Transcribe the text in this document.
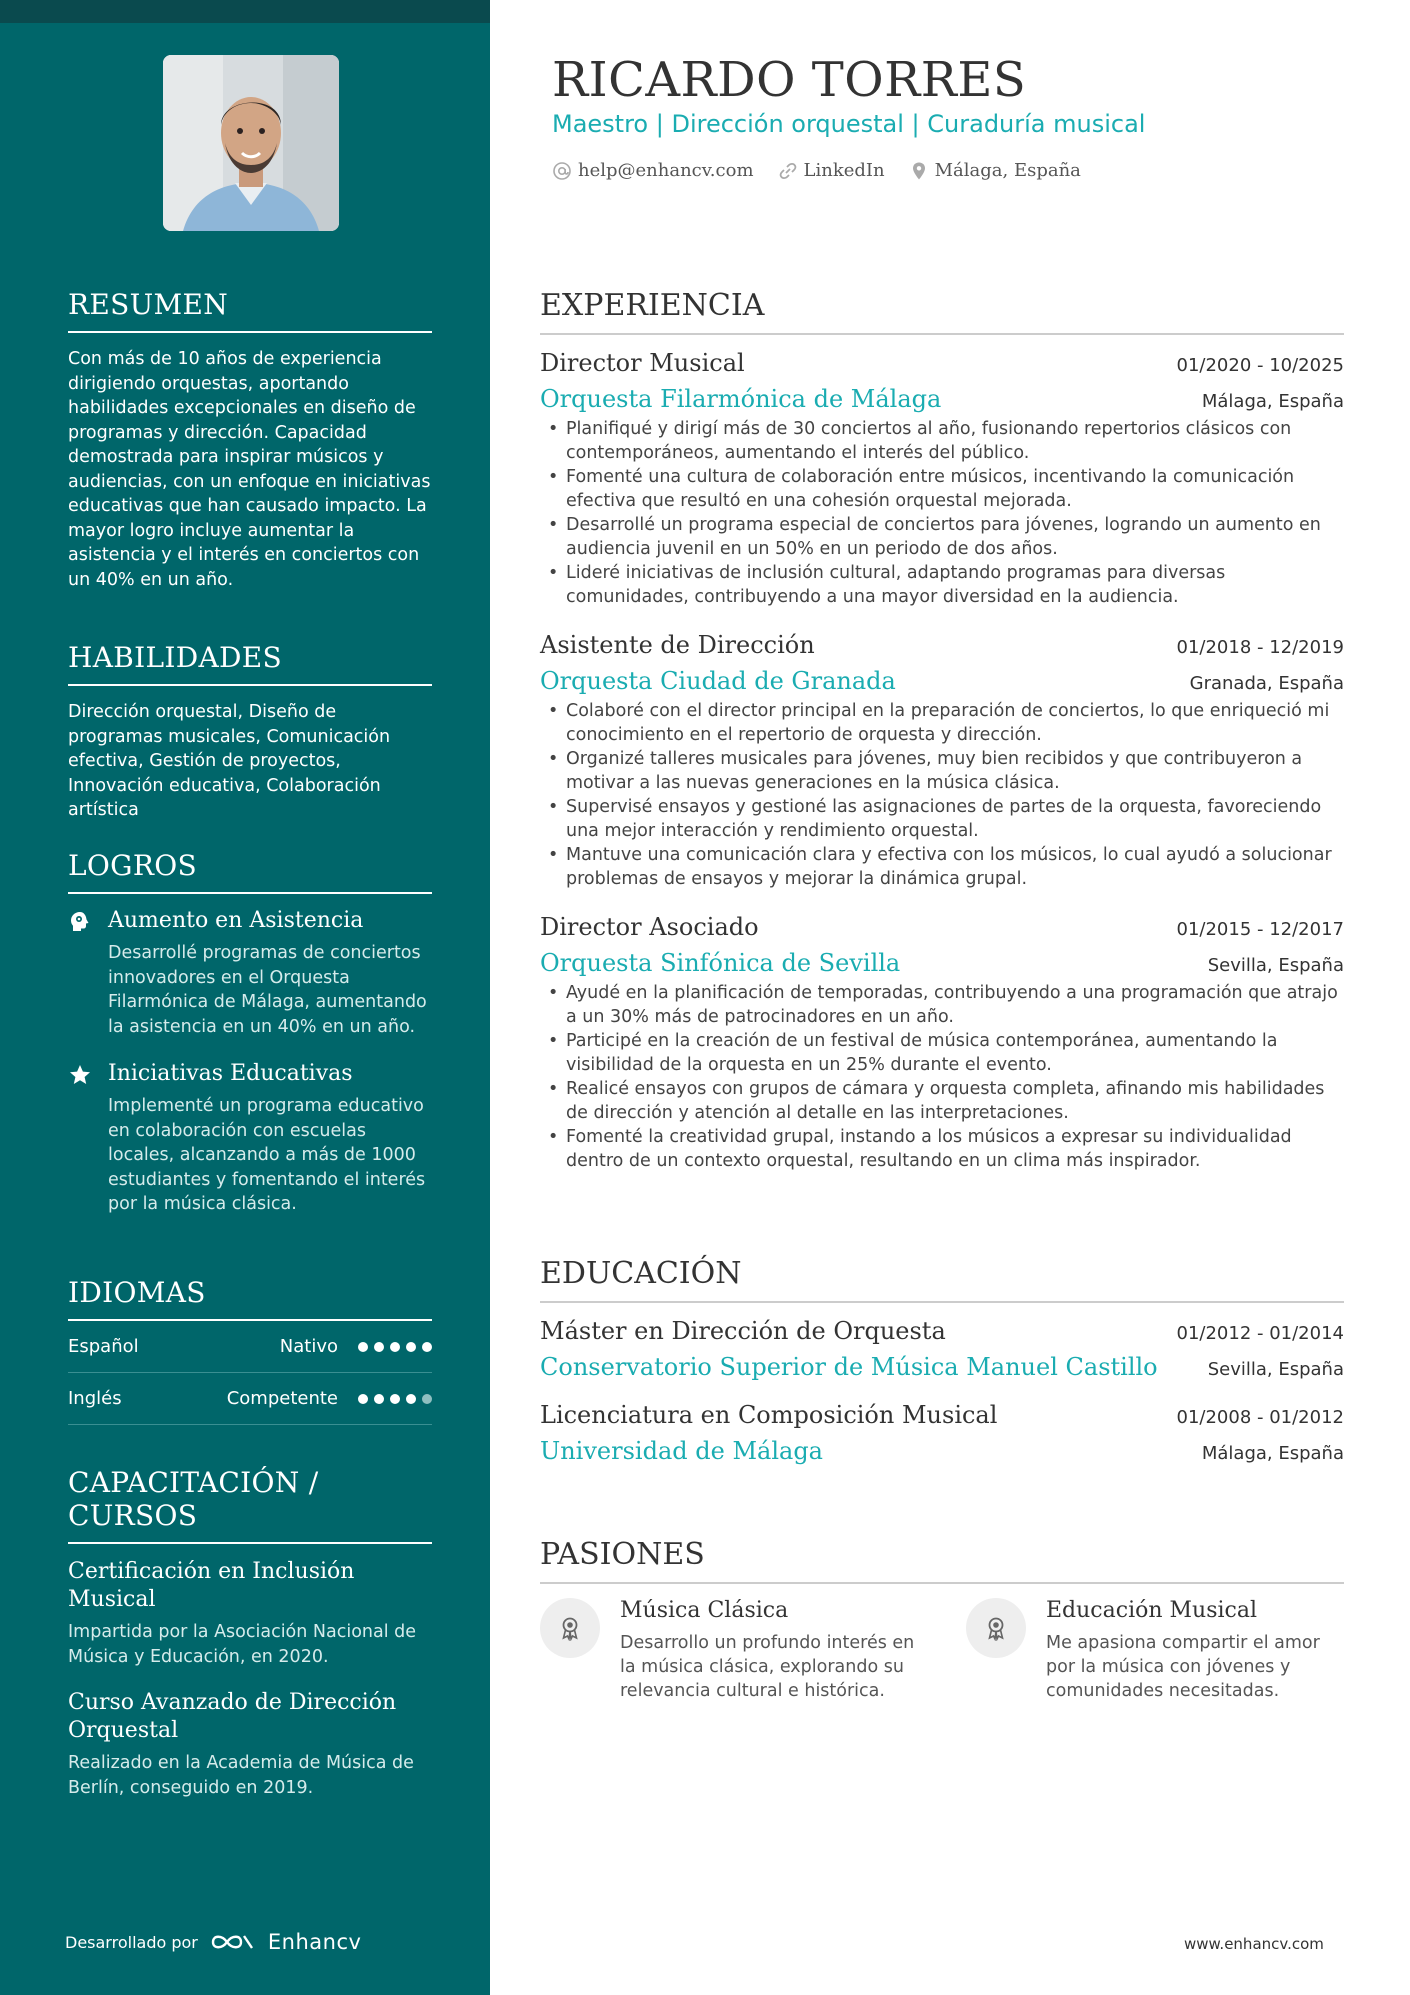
RESUMEN
Con más de 10 años de experiencia dirigiendo orquestas, aportando habilidades excepcionales en diseño de programas y dirección. Capacidad demostrada para inspirar músicos y audiencias, con un enfoque en iniciativas educativas que han causado impacto. La mayor logro incluye aumentar la asistencia y el interés en conciertos con un 40% en un año.
HABILIDADES
Dirección orquestal, Diseño de programas musicales, Comunicación efectiva, Gestión de proyectos, Innovación educativa, Colaboración artística
LOGROS
Aumento en Asistencia
Desarrollé programas de conciertos innovadores en el Orquesta Filarmónica de Málaga, aumentando la asistencia en un 40% en un año.
Iniciativas Educativas
Implementé un programa educativo en colaboración con escuelas locales, alcanzando a más de 1000 estudiantes y fomentando el interés por la música clásica.
IDIOMAS
Español	Nativo
Inglés	Competente
CAPACITACIÓN / CURSOS
Certificación en Inclusión Musical
Impartida por la Asociación Nacional de Música y Educación, en 2020.
Curso Avanzado de Dirección Orquestal
Realizado en la Academia de Música de Berlín, conseguido en 2019.
Desarrollado por	Enhancv
RICARDO TORRES
Maestro | Dirección orquestal | Curaduría musical
help@enhancv.com	LinkedIn	Málaga, España
EXPERIENCIA
Director Musical	01/2020 - 10/2025
Orquesta Filarmónica de Málaga	Málaga, España
• Planifiqué y dirigí más de 30 conciertos al año, fusionando repertorios clásicos con contemporáneos, aumentando el interés del público.
• Fomenté una cultura de colaboración entre músicos, incentivando la comunicación efectiva que resultó en una cohesión orquestal mejorada.
• Desarrollé un programa especial de conciertos para jóvenes, logrando un aumento en audiencia juvenil en un 50% en un periodo de dos años.
• Lideré iniciativas de inclusión cultural, adaptando programas para diversas comunidades, contribuyendo a una mayor diversidad en la audiencia.
Asistente de Dirección	01/2018 - 12/2019
Orquesta Ciudad de Granada	Granada, España
• Colaboré con el director principal en la preparación de conciertos, lo que enriqueció mi conocimiento en el repertorio de orquesta y dirección.
• Organizé talleres musicales para jóvenes, muy bien recibidos y que contribuyeron a motivar a las nuevas generaciones en la música clásica.
• Supervisé ensayos y gestioné las asignaciones de partes de la orquesta, favoreciendo una mejor interacción y rendimiento orquestal.
• Mantuve una comunicación clara y efectiva con los músicos, lo cual ayudó a solucionar problemas de ensayos y mejorar la dinámica grupal.
Director Asociado	01/2015 - 12/2017
Orquesta Sinfónica de Sevilla	Sevilla, España
• Ayudé en la planificación de temporadas, contribuyendo a una programación que atrajo a un 30% más de patrocinadores en un año.
• Participé en la creación de un festival de música contemporánea, aumentando la visibilidad de la orquesta en un 25% durante el evento.
• Realicé ensayos con grupos de cámara y orquesta completa, afinando mis habilidades de dirección y atención al detalle en las interpretaciones.
• Fomenté la creatividad grupal, instando a los músicos a expresar su individualidad dentro de un contexto orquestal, resultando en un clima más inspirador.
EDUCACIÓN
Máster en Dirección de Orquesta	01/2012 - 01/2014
Conservatorio Superior de Música Manuel Castillo	Sevilla, España
Licenciatura en Composición Musical	01/2008 - 01/2012
Universidad de Málaga	Málaga, España
PASIONES
Música Clásica
Desarrollo un profundo interés en la música clásica, explorando su relevancia cultural e histórica.
Educación Musical
Me apasiona compartir el amor por la música con jóvenes y comunidades necesitadas.
www.enhancv.com
